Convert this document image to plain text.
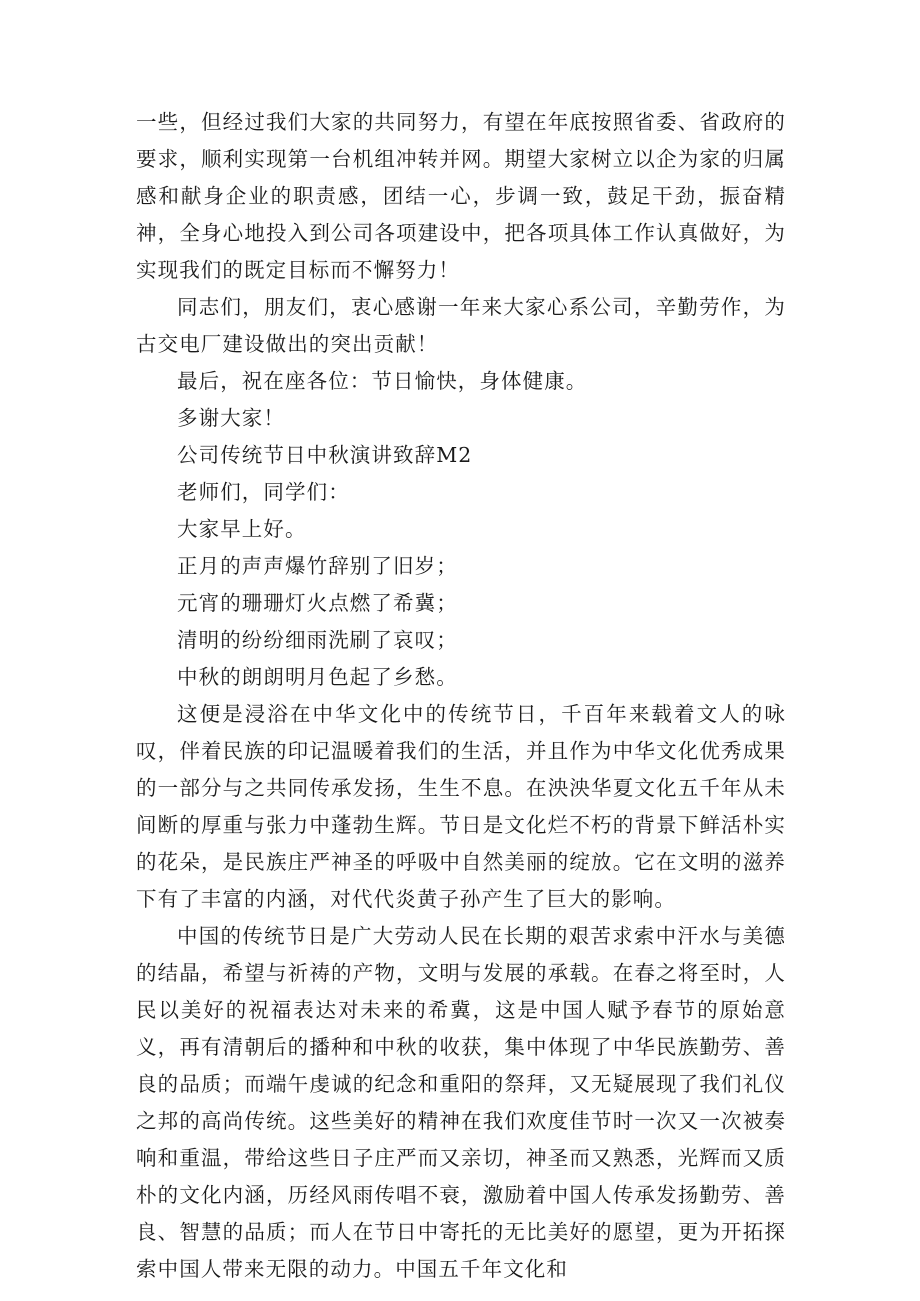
一些，但经过我们大家的共同努力，有望在年底按照省委、省政府的要求，顺利实现第一台机组冲转并网。期望大家树立以企为家的归属感和献身企业的职责感，团结一心，步调一致，鼓足干劲，振奋精神，全身心地投入到公司各项建设中，把各项具体工作认真做好，为实现我们的既定目标而不懈努力！

同志们，朋友们，衷心感谢一年来大家心系公司，辛勤劳作，为古交电厂建设做出的突出贡献！

最后，祝在座各位：节日愉快，身体健康。

多谢大家！

公司传统节日中秋演讲致辞M2

老师们，同学们：

大家早上好。

正月的声声爆竹辞别了旧岁；

元宵的珊珊灯火点燃了希冀；

清明的纷纷细雨洗刷了哀叹；

中秋的朗朗明月色起了乡愁。

这便是浸浴在中华文化中的传统节日，千百年来载着文人的咏叹，伴着民族的印记温暖着我们的生活，并且作为中华文化优秀成果的一部分与之共同传承发扬，生生不息。在泱泱华夏文化五千年从未间断的厚重与张力中蓬勃生辉。节日是文化烂不朽的背景下鲜活朴实的花朵，是民族庄严神圣的呼吸中自然美丽的绽放。它在文明的滋养下有了丰富的内涵，对代代炎黄子孙产生了巨大的影响。

中国的传统节日是广大劳动人民在长期的艰苦求索中汗水与美德的结晶，希望与祈祷的产物，文明与发展的承载。在春之将至时，人民以美好的祝福表达对未来的希冀，这是中国人赋予春节的原始意义，再有清朝后的播种和中秋的收获，集中体现了中华民族勤劳、善良的品质；而端午虔诚的纪念和重阳的祭拜，又无疑展现了我们礼仪之邦的高尚传统。这些美好的精神在我们欢度佳节时一次又一次被奏响和重温，带给这些日子庄严而又亲切，神圣而又熟悉，光辉而又质朴的文化内涵，历经风雨传唱不衰，激励着中国人传承发扬勤劳、善良、智慧的品质；而人在节日中寄托的无比美好的愿望，更为开拓探索中国人带来无限的动力。中国五千年文化和
